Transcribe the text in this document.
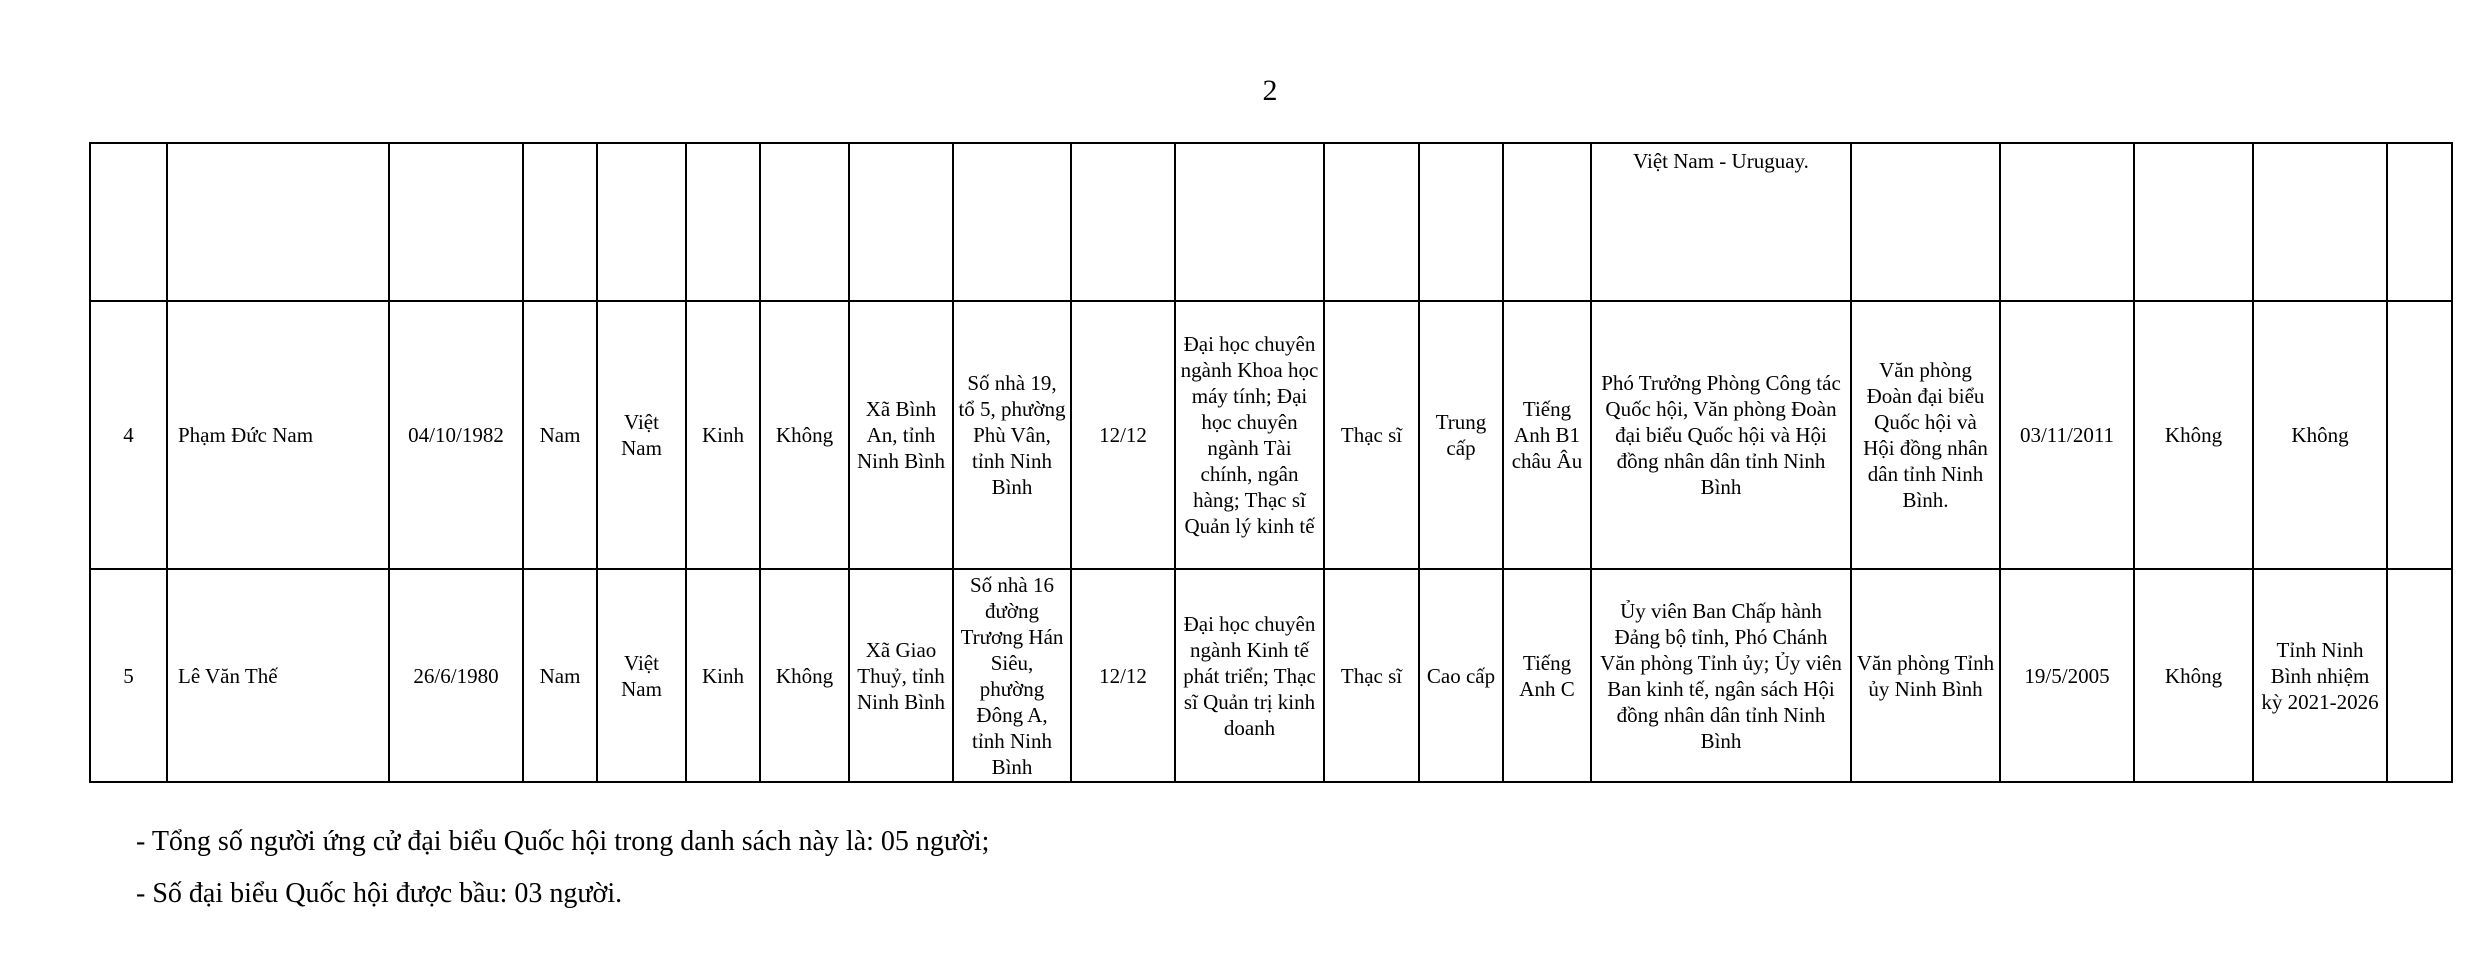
2
														Việt Nam - Uruguay.					
4	Phạm Đức Nam	04/10/1982	Nam	Việt Nam	Kinh	Không	Xã Bình An, tỉnh Ninh Bình	Số nhà 19, tổ 5, phường Phù Vân, tỉnh Ninh Bình	12/12	Đại học chuyên ngành Khoa học máy tính; Đại học chuyên ngành Tài chính, ngân hàng; Thạc sĩ Quản lý kinh tế	Thạc sĩ	Trung cấp	Tiếng Anh B1 châu Âu	Phó Trưởng Phòng Công tác Quốc hội, Văn phòng Đoàn đại biểu Quốc hội và Hội đồng nhân dân tỉnh Ninh Bình	Văn phòng Đoàn đại biểu Quốc hội và Hội đồng nhân dân tỉnh Ninh Bình.	03/11/2011	Không	Không	
5	Lê Văn Thế	26/6/1980	Nam	Việt Nam	Kinh	Không	Xã Giao Thuỷ, tỉnh Ninh Bình	Số nhà 16 đường Trương Hán Siêu, phường Đông A, tỉnh Ninh Bình	12/12	Đại học chuyên ngành Kinh tế phát triển; Thạc sĩ Quản trị kinh doanh	Thạc sĩ	Cao cấp	Tiếng Anh C	Ủy viên Ban Chấp hành Đảng bộ tỉnh, Phó Chánh Văn phòng Tỉnh ủy; Ủy viên Ban kinh tế, ngân sách Hội đồng nhân dân tỉnh Ninh Bình	Văn phòng Tỉnh ủy Ninh Bình	19/5/2005	Không	Tỉnh Ninh Bình nhiệm kỳ 2021-2026	
- Tổng số người ứng cử đại biểu Quốc hội trong danh sách này là: 05 người;
- Số đại biểu Quốc hội được bầu: 03 người.
